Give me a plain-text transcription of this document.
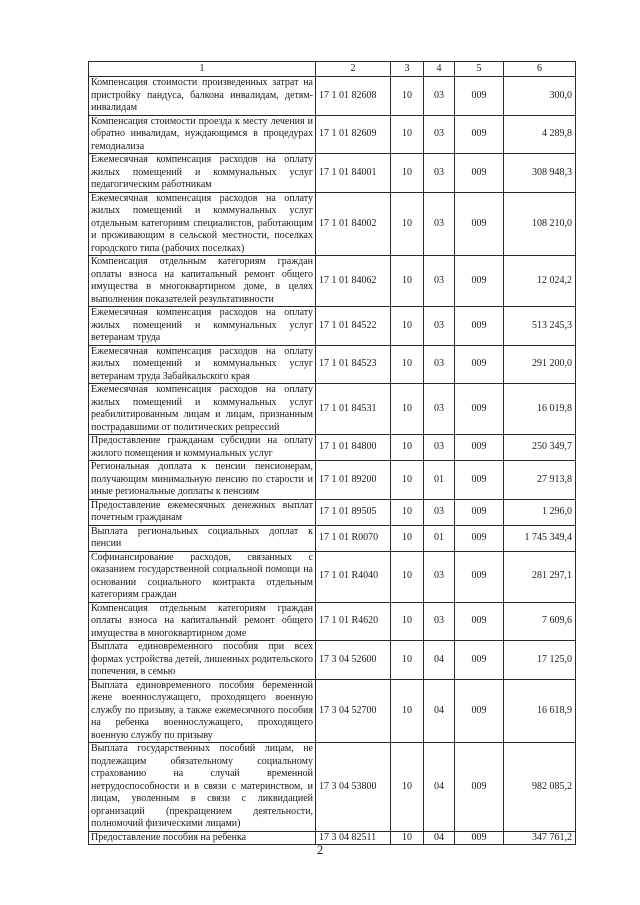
1	2	3	4	5	6
Компенсация стоимости произведенных затрат на пристройку пандуса, балкона инвалидам, детям-инвалидам	17 1 01 82608	10	03	009	300,0
Компенсация стоимости проезда к месту лечения и обратно инвалидам, нуждающимся в процедурах гемодиализа	17 1 01 82609	10	03	009	4 289,8
Ежемесячная компенсация расходов на оплату жилых помещений и коммунальных услуг педагогическим работникам	17 1 01 84001	10	03	009	308 948,3
Ежемесячная компенсация расходов на оплату жилых помещений и коммунальных услуг отдельным категориям специалистов, работающим и проживающим в сельской местности, поселках городского типа (рабочих поселках)	17 1 01 84002	10	03	009	108 210,0
Компенсация отдельным категориям граждан оплаты взноса на капитальный ремонт общего имущества в многоквартирном доме, в целях выполнения показателей результативности	17 1 01 84062	10	03	009	12 024,2
Ежемесячная компенсация расходов на оплату жилых помещений и коммунальных услуг ветеранам труда	17 1 01 84522	10	03	009	513 245,3
Ежемесячная компенсация расходов на оплату жилых помещений и коммунальных услуг ветеранам труда Забайкальского края	17 1 01 84523	10	03	009	291 200,0
Ежемесячная компенсация расходов на оплату жилых помещений и коммунальных услуг реабилитированным лицам и лицам, признанным пострадавшими от политических репрессий	17 1 01 84531	10	03	009	16 019,8
Предоставление гражданам субсидии на оплату жилого помещения и коммунальных услуг	17 1 01 84800	10	03	009	250 349,7
Региональная доплата к пенсии пенсионерам, получающим минимальную пенсию по старости и иные региональные доплаты к пенсиям	17 1 01 89200	10	01	009	27 913,8
Предоставление ежемесячных денежных выплат почетным гражданам	17 1 01 89505	10	03	009	1 296,0
Выплата региональных социальных доплат к пенсии	17 1 01 R0070	10	01	009	1 745 349,4
Софинансирование расходов, связанных с оказанием государственной социальной помощи на основании социального контракта отдельным категориям граждан	17 1 01 R4040	10	03	009	281 297,1
Компенсация отдельным категориям граждан оплаты взноса на капитальный ремонт общего имущества в многоквартирном доме	17 1 01 R4620	10	03	009	7 609,6
Выплата единовременного пособия при всех формах устройства детей, лишенных родительского попечения, в семью	17 3 04 52600	10	04	009	17 125,0
Выплата единовременного пособия беременной жене военнослужащего, проходящего военную службу по призыву, а также ежемесячного пособия на ребенка военнослужащего, проходящего военную службу по призыву	17 3 04 52700	10	04	009	16 618,9
Выплата государственных пособий лицам, не подлежащим обязательному социальному страхованию на случай временной нетрудоспособности и в связи с материнством, и лицам, уволенным в связи с ликвидацией организаций (прекращением деятельности, полномочий физическими лицами)	17 3 04 53800	10	04	009	982 085,2
Предоставление пособия на ребенка	17 3 04 82511	10	04	009	347 761,2
2
